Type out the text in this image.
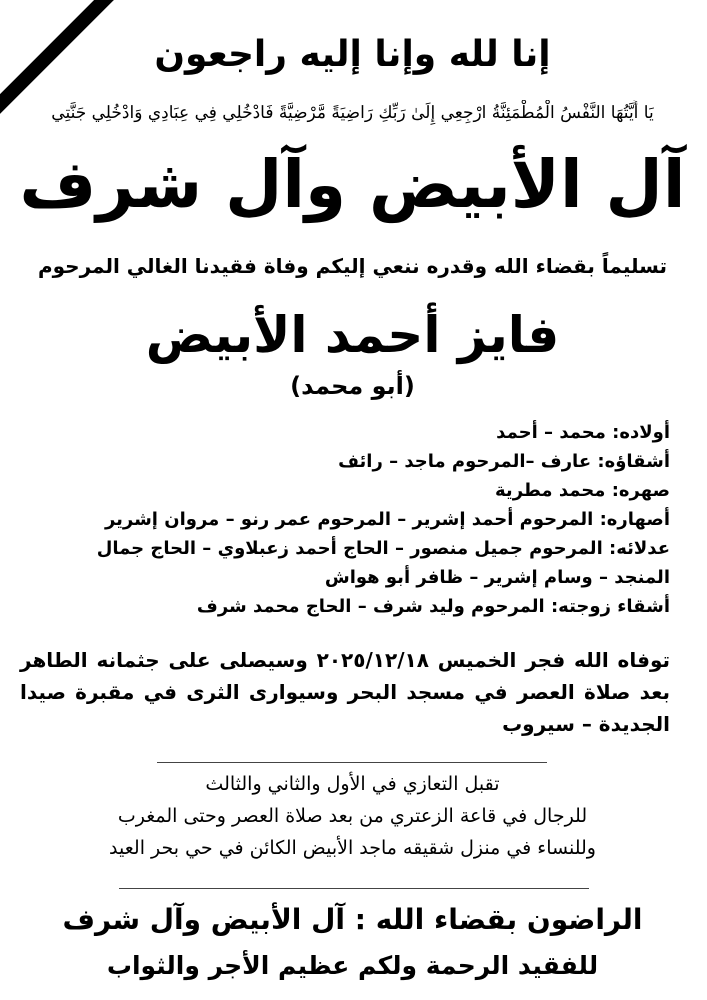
إنا لله وإنا إليه راجعون
يَا أَيَّتُهَا النَّفْسُ الْمُطْمَئِنَّةُ ارْجِعِي إِلَىٰ رَبِّكِ رَاضِيَةً مَّرْضِيَّةً فَادْخُلِي فِي عِبَادِي وَادْخُلِي جَنَّتِي
آل الأبيض وآل شرف
تسليماً بقضاء الله وقدره ننعي إليكم وفاة فقيدنا الغالي المرحوم
فايز أحمد الأبيض
(أبو محمد)
أولاده: محمد – أحمد
أشقاؤه: عارف –المرحوم ماجد – رائف
صهره: محمد مطرية
أصهاره: المرحوم أحمد إشرير – المرحوم عمر رنو – مروان إشرير
عدلائه: المرحوم جميل منصور – الحاج أحمد زعبلاوي – الحاج جمال
المنجد – وسام إشرير – ظافر أبو هواش
أشقاء زوجته: المرحوم وليد شرف – الحاج محمد شرف
توفاه الله فجر الخميس ٢٠٢٥/١٢/١٨ وسيصلى على جثمانه الطاهر بعد صلاة العصر في مسجد البحر وسيوارى الثرى في مقبرة صيدا الجديدة – سيروب
تقبل التعازي في الأول والثاني والثالث
للرجال في قاعة الزعتري من بعد صلاة العصر وحتى المغرب
وللنساء في منزل شقيقه ماجد الأبيض الكائن في حي بحر العيد
الراضون بقضاء الله : آل الأبيض وآل شرف
للفقيد الرحمة ولكم عظيم الأجر والثواب
